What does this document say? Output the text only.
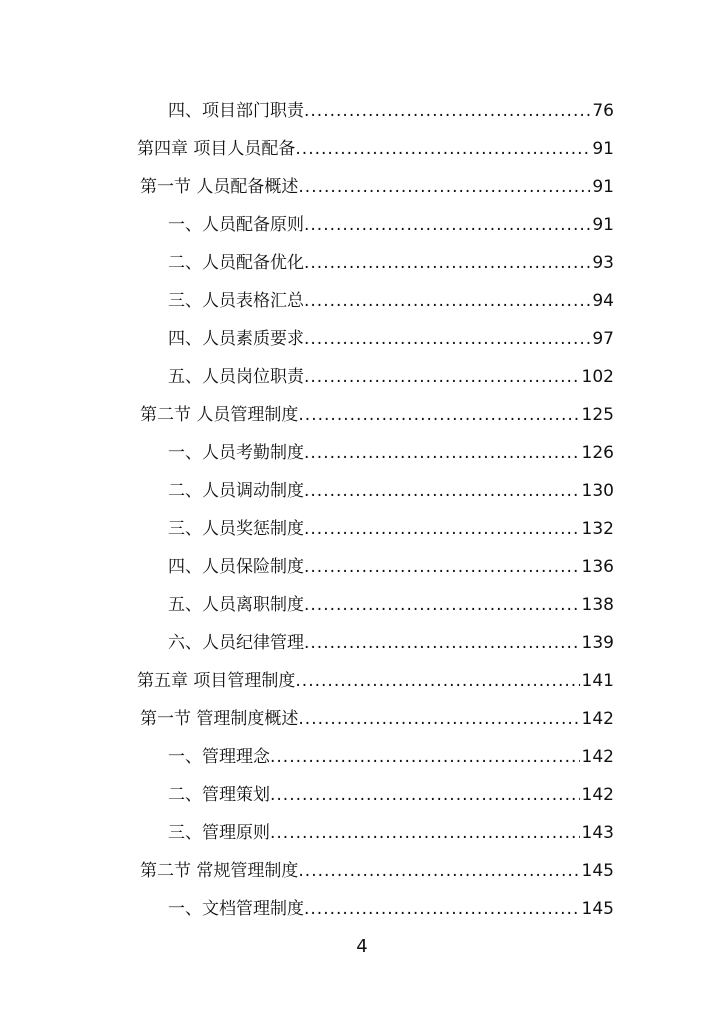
四、项目部门职责 .....	76
第四章 项目人员配备 .....	91
第一节 人员配备概述 .....	91
一、人员配备原则 .....	91
二、人员配备优化 .....	93
三、人员表格汇总 .....	94
四、人员素质要求 .....	97
五、人员岗位职责 .....	102
第二节 人员管理制度 .....	125
一、人员考勤制度 .....	126
二、人员调动制度 .....	130
三、人员奖惩制度 .....	132
四、人员保险制度 .....	136
五、人员离职制度 .....	138
六、人员纪律管理 .....	139
第五章 项目管理制度 .....	141
第一节 管理制度概述 .....	142
一、管理理念 .....	142
二、管理策划 .....	142
三、管理原则 .....	143
第二节 常规管理制度 .....	145
一、文档管理制度 .....	145
4
